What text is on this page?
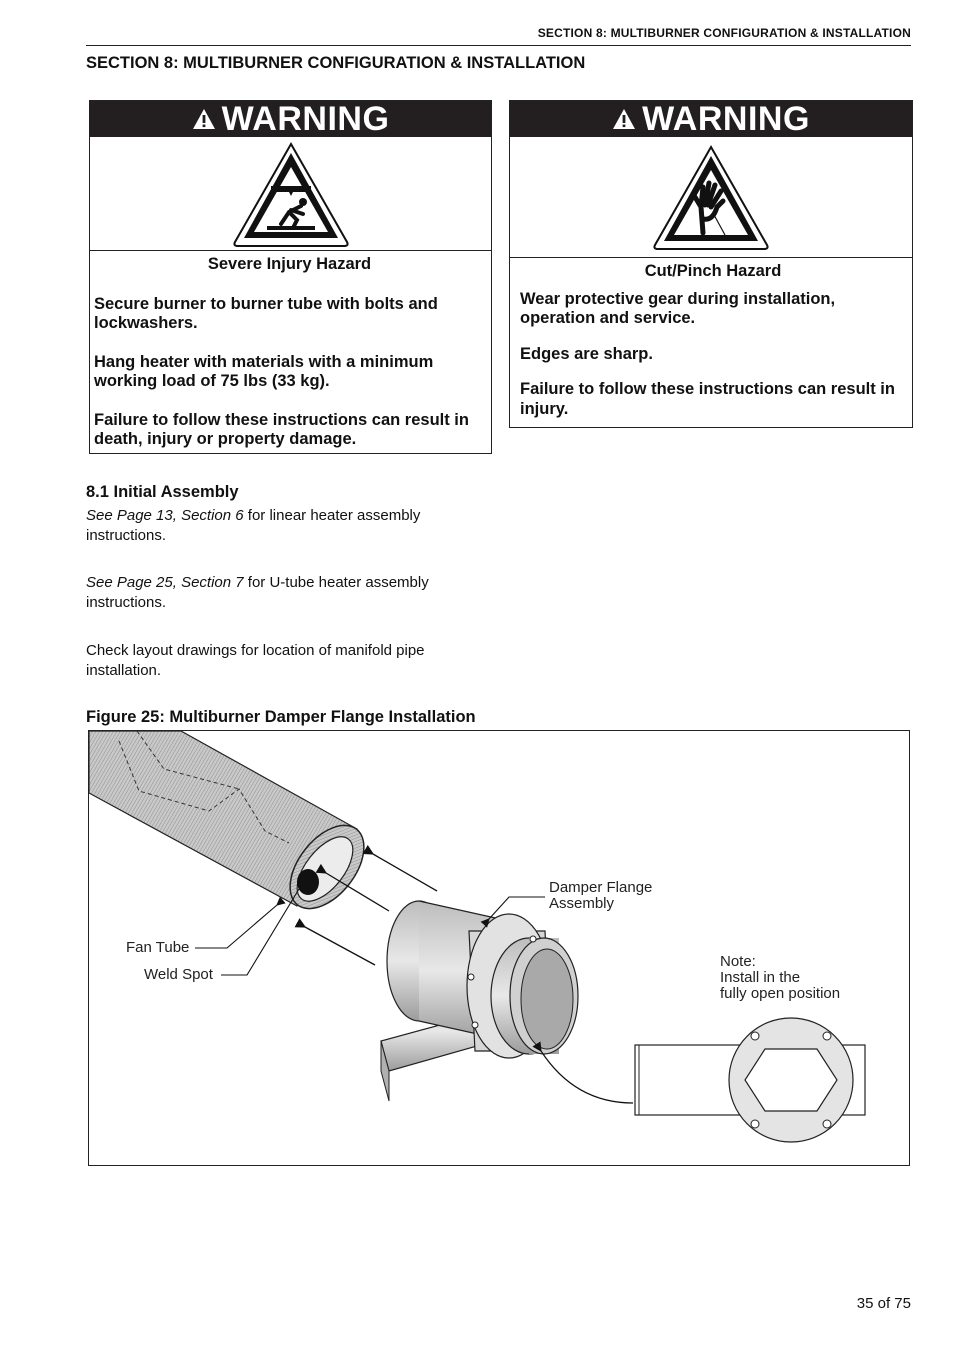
SECTION 8: MULTIBURNER CONFIGURATION & INSTALLATION
SECTION 8: MULTIBURNER CONFIGURATION & INSTALLATION
WARNING

Severe Injury Hazard

Secure burner to burner tube with bolts and lockwashers.

Hang heater with materials with a minimum working load of 75 lbs (33 kg).

Failure to follow these instructions can result in death, injury or property damage.

WARNING

Cut/Pinch Hazard

Wear protective gear during installation, operation and service.

Edges are sharp.

Failure to follow these instructions can result in injury.

8.1 Initial Assembly
See Page 13, Section 6 for linear heater assembly instructions.
See Page 25, Section 7 for U-tube heater assembly instructions.
Check layout drawings for location of manifold pipe installation.
Figure 25: Multiburner Damper Flange Installation
Fan Tube
Weld Spot
Damper Flange
Assembly
Note:
Install in the
fully open position
35 of 75
